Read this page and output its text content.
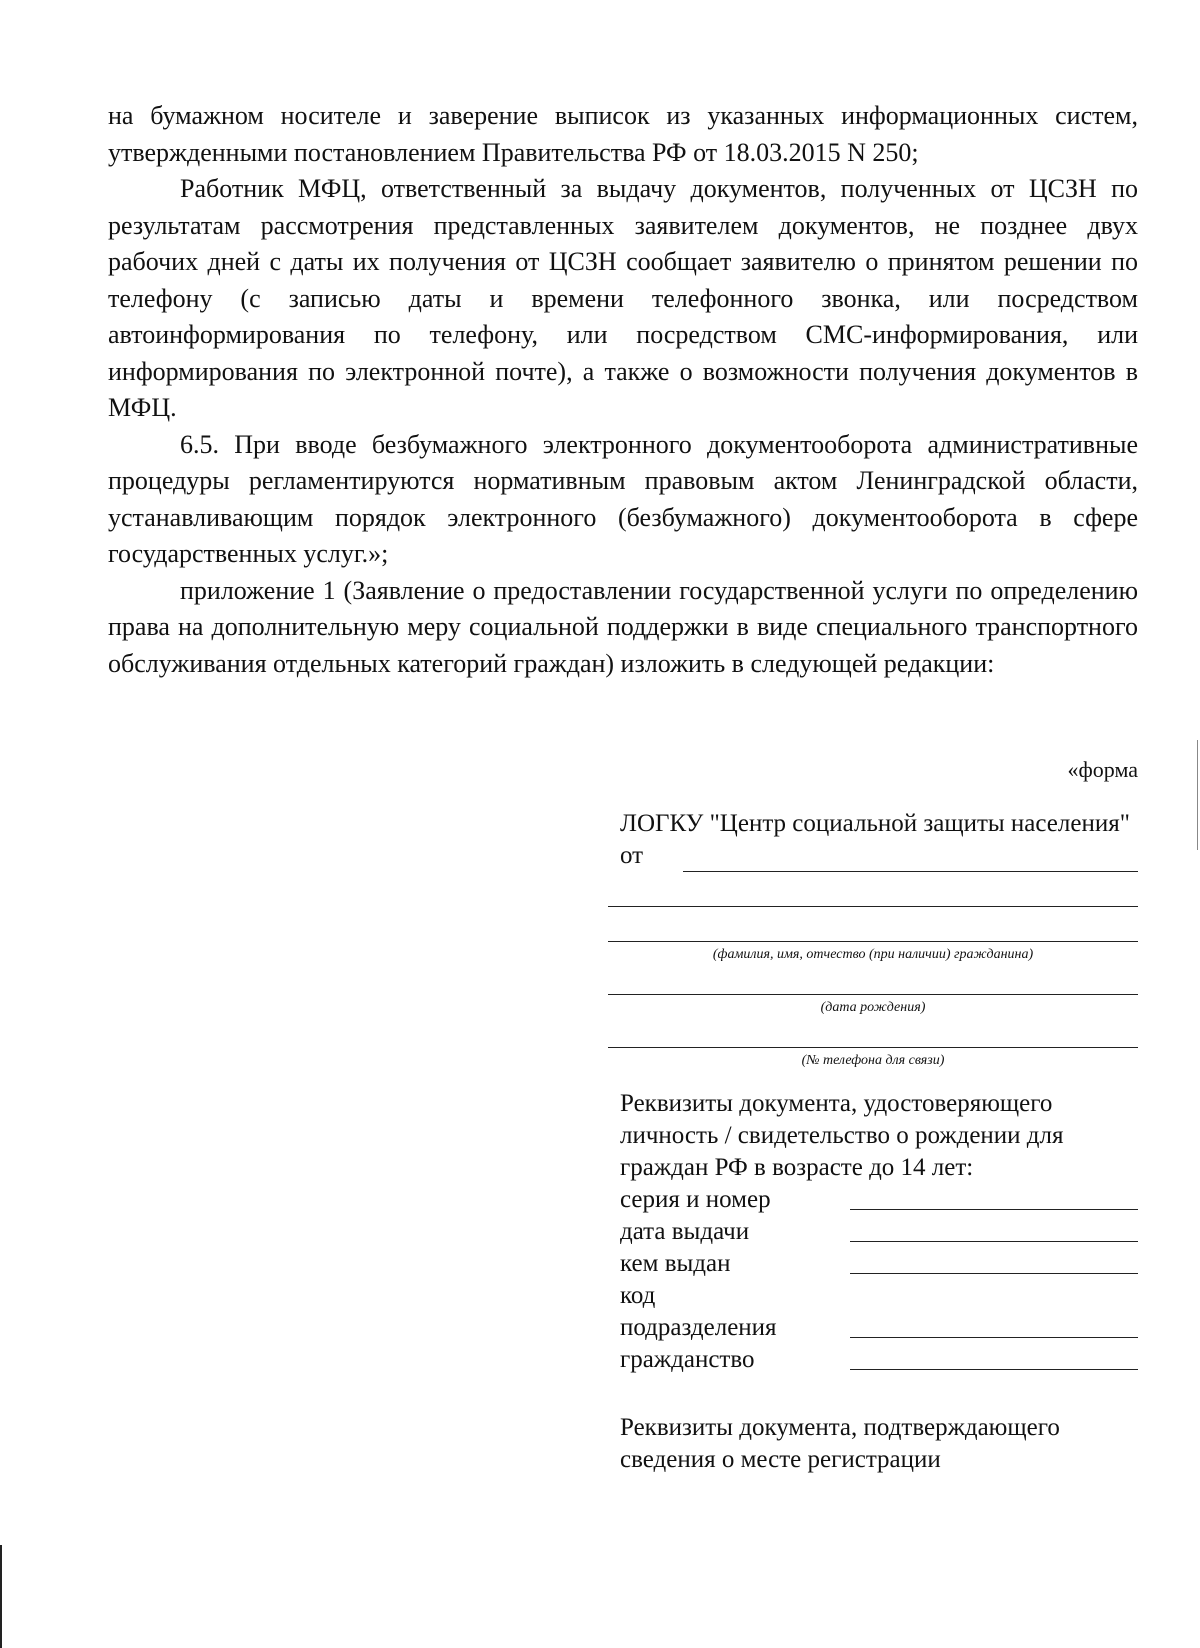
на бумажном носителе и заверение выписок из указанных информационных систем, утвержденными постановлением Правительства РФ от 18.03.2015 N 250;

Работник МФЦ, ответственный за выдачу документов, полученных от ЦСЗН по результатам рассмотрения представленных заявителем документов, не позднее двух рабочих дней с даты их получения от ЦСЗН сообщает заявителю о принятом решении по телефону (с записью даты и времени телефонного звонка, или посредством автоинформирования по телефону, или посредством СМС-информирования, или информирования по электронной почте), а также о возможности получения документов в МФЦ.

6.5. При вводе безбумажного электронного документооборота административные процедуры регламентируются нормативным правовым актом Ленинградской области, устанавливающим порядок электронного (безбумажного) документооборота в сфере государственных услуг.»;

приложение 1 (Заявление о предоставлении государственной услуги по определению права на дополнительную меру социальной поддержки в виде специального транспортного обслуживания отдельных категорий граждан) изложить в следующей редакции:

«форма
ЛОГКУ "Центр социальной защиты населения"
от
(фамилия, имя, отчество (при наличии) гражданина)
(дата рождения)
(№ телефона для связи)
Реквизиты документа, удостоверяющего личность / свидетельство о рождении для граждан РФ в возрасте до 14 лет:
серия и номер
дата выдачи
кем выдан
код
подразделения
гражданство
Реквизиты документа, подтверждающего сведения о месте регистрации
